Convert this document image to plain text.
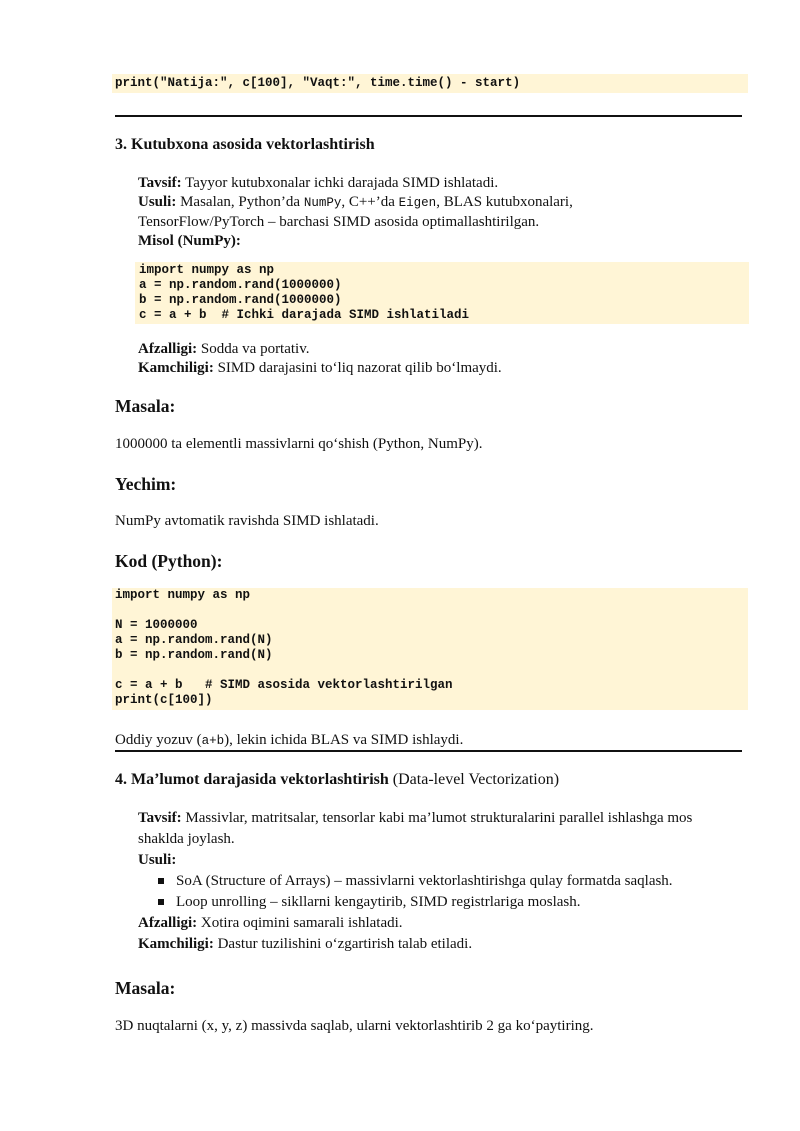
print("Natija:", c[100], "Vaqt:", time.time() - start)
3. Kutubxona asosida vektorlashtirish

Tavsif: Tayyor kutubxonalar ichki darajada SIMD ishlatadi.

Usuli: Masalan, Python’da NumPy, C++’da Eigen, BLAS kutubxonalari,

TensorFlow/PyTorch – barchasi SIMD asosida optimallashtirilgan.

Misol (NumPy):

import numpy as np
a = np.random.rand(1000000)
b = np.random.rand(1000000)
c = a + b  # Ichki darajada SIMD ishlatiladi

Afzalligi: Sodda va portativ.

Kamchiligi: SIMD darajasini to‘liq nazorat qilib bo‘lmaydi.

Masala:

1000000 ta elementli massivlarni qo‘shish (Python, NumPy).

Yechim:

NumPy avtomatik ravishda SIMD ishlatadi.

Kod (Python):
import numpy as np

N = 1000000
a = np.random.rand(N)
b = np.random.rand(N)

c = a + b   # SIMD asosida vektorlashtirilgan
print(c[100])

Oddiy yozuv (a+b), lekin ichida BLAS va SIMD ishlaydi.

4. Ma’lumot darajasida vektorlashtirish (Data-level Vectorization)

Tavsif: Massivlar, matritsalar, tensorlar kabi ma’lumot strukturalarini parallel ishlashga mos

shaklda joylash.

Usuli:

SoA (Structure of Arrays) – massivlarni vektorlashtirishga qulay formatda saqlash.
Loop unrolling – sikllarni kengaytirib, SIMD registrlariga moslash.

Afzalligi: Xotira oqimini samarali ishlatadi.

Kamchiligi: Dastur tuzilishini o‘zgartirish talab etiladi.

Masala:

3D nuqtalarni (x, y, z) massivda saqlab, ularni vektorlashtirib 2 ga ko‘paytiring.
